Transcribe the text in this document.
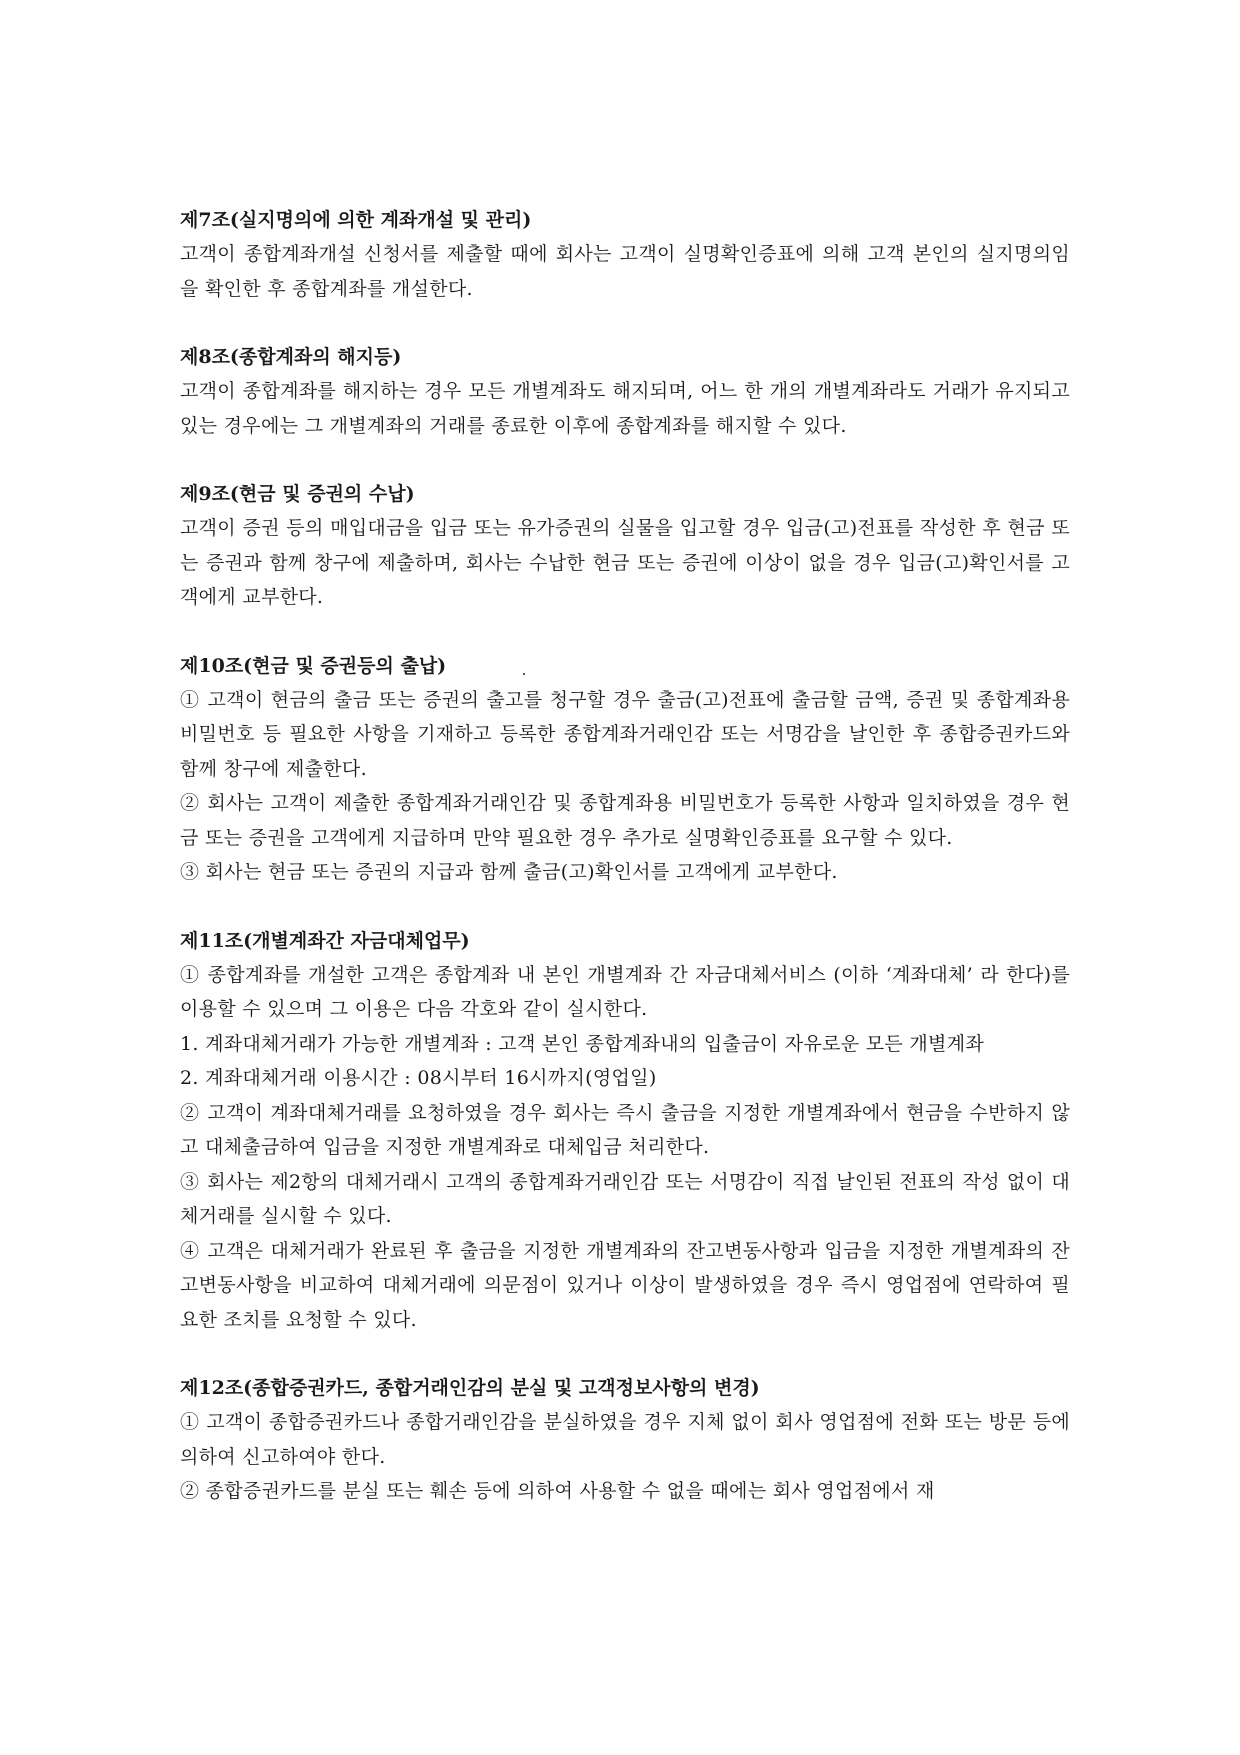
제7조(실지명의에 의한 계좌개설 및 관리)

고객이 종합계좌개설 신청서를 제출할 때에 회사는 고객이 실명확인증표에 의해 고객 본인의 실지명의임을 확인한 후 종합계좌를 개설한다.

제8조(종합계좌의 해지등)

고객이 종합계좌를 해지하는 경우 모든 개별계좌도 해지되며, 어느 한 개의 개별계좌라도 거래가 유지되고 있는 경우에는 그 개별계좌의 거래를 종료한 이후에 종합계좌를 해지할 수 있다.

제9조(현금 및 증권의 수납)

고객이 증권 등의 매입대금을 입금 또는 유가증권의 실물을 입고할 경우 입금(고)전표를 작성한 후 현금 또는 증권과 함께 창구에 제출하며, 회사는 수납한 현금 또는 증권에 이상이 없을 경우 입금(고)확인서를 고객에게 교부한다.

제10조(현금 및 증권등의 출납)

① 고객이 현금의 출금 또는 증권의 출고를 청구할 경우 출금(고)전표에 출금할 금액, 증권 및 종합계좌용 비밀번호 등 필요한 사항을 기재하고 등록한 종합계좌거래인감 또는 서명감을 날인한 후 종합증권카드와 함께 창구에 제출한다.

② 회사는 고객이 제출한 종합계좌거래인감 및 종합계좌용 비밀번호가 등록한 사항과 일치하였을 경우 현금 또는 증권을 고객에게 지급하며 만약 필요한 경우 추가로 실명확인증표를 요구할 수 있다.

③ 회사는 현금 또는 증권의 지급과 함께 출금(고)확인서를 고객에게 교부한다.

제11조(개별계좌간 자금대체업무)

① 종합계좌를 개설한 고객은 종합계좌 내 본인 개별계좌 간 자금대체서비스 (이하 ‘계좌대체’ 라 한다)를 이용할 수 있으며 그 이용은 다음 각호와 같이 실시한다.

1. 계좌대체거래가 가능한 개별계좌 : 고객 본인 종합계좌내의 입출금이 자유로운 모든 개별계좌

2. 계좌대체거래 이용시간 : 08시부터 16시까지(영업일)

② 고객이 계좌대체거래를 요청하였을 경우 회사는 즉시 출금을 지정한 개별계좌에서 현금을 수반하지 않고 대체출금하여 입금을 지정한 개별계좌로 대체입금 처리한다.

③ 회사는 제2항의 대체거래시 고객의 종합계좌거래인감 또는 서명감이 직접 날인된 전표의 작성 없이 대체거래를 실시할 수 있다.

④ 고객은 대체거래가 완료된 후 출금을 지정한 개별계좌의 잔고변동사항과 입금을 지정한 개별계좌의 잔고변동사항을 비교하여 대체거래에 의문점이 있거나 이상이 발생하였을 경우 즉시 영업점에 연락하여 필요한 조치를 요청할 수 있다.

제12조(종합증권카드, 종합거래인감의 분실 및 고객정보사항의 변경)

① 고객이 종합증권카드나 종합거래인감을 분실하였을 경우 지체 없이 회사 영업점에 전화 또는 방문 등에 의하여 신고하여야 한다.

② 종합증권카드를 분실 또는 훼손 등에 의하여 사용할 수 없을 때에는 회사 영업점에서 재
